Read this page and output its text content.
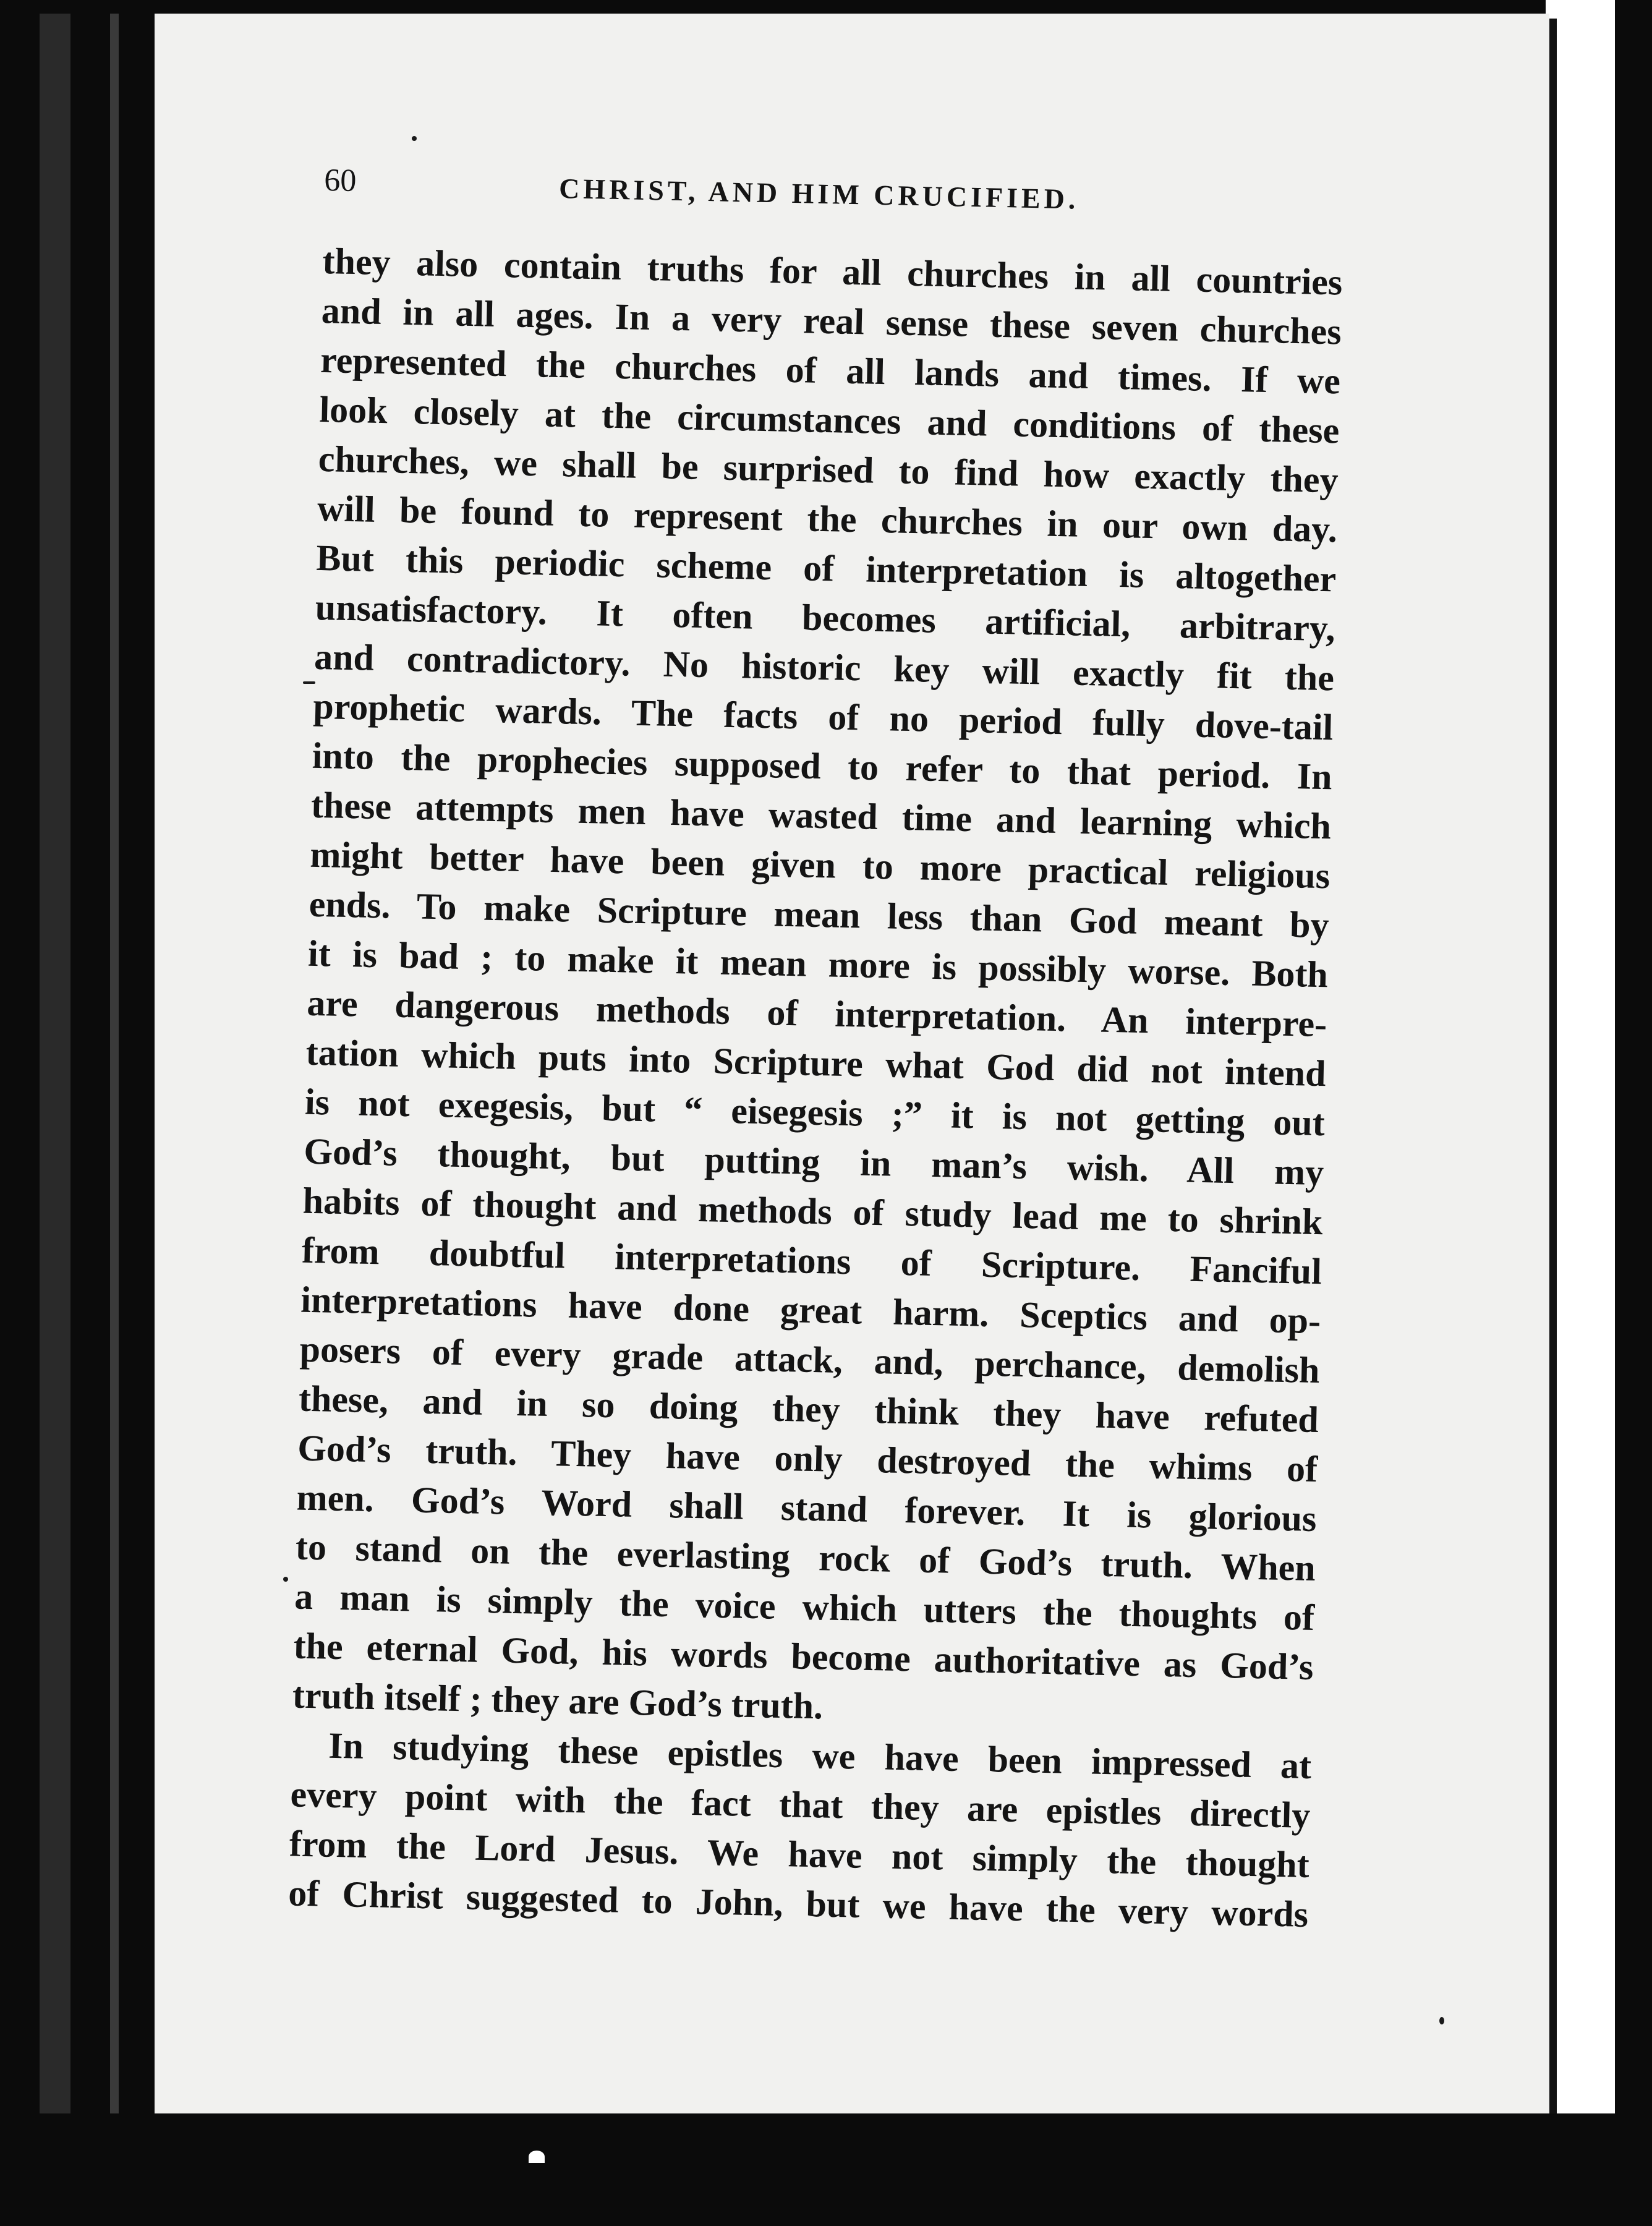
60	CHRIST, AND HIM CRUCIFIED.
they also contain truths for all churches in all countries
and in all ages. In a very real sense these seven churches
represented the churches of all lands and times. If we
look closely at the circumstances and conditions of these
churches, we shall be surprised to find how exactly they
will be found to represent the churches in our own day.
But this periodic scheme of interpretation is altogether
unsatisfactory. It often becomes artificial, arbitrary,
and contradictory. No historic key will exactly fit the
prophetic wards. The facts of no period fully dove-tail
into the prophecies supposed to refer to that period. In
these attempts men have wasted time and learning which
might better have been given to more practical religious
ends. To make Scripture mean less than God meant by
it is bad ; to make it mean more is possibly worse. Both
are dangerous methods of interpretation. An interpre-
tation which puts into Scripture what God did not intend
is not exegesis, but “ eisegesis ;” it is not getting out
God’s thought, but putting in man’s wish. All my
habits of thought and methods of study lead me to shrink
from doubtful interpretations of Scripture. Fanciful
interpretations have done great harm. Sceptics and op-
posers of every grade attack, and, perchance, demolish
these, and in so doing they think they have refuted
God’s truth. They have only destroyed the whims of
men. God’s Word shall stand forever. It is glorious
to stand on the everlasting rock of God’s truth. When
a man is simply the voice which utters the thoughts of
the eternal God, his words become authoritative as God’s
truth itself ; they are God’s truth.
In studying these epistles we have been impressed at
every point with the fact that they are epistles directly
from the Lord Jesus. We have not simply the thought
of Christ suggested to John, but we have the very words
